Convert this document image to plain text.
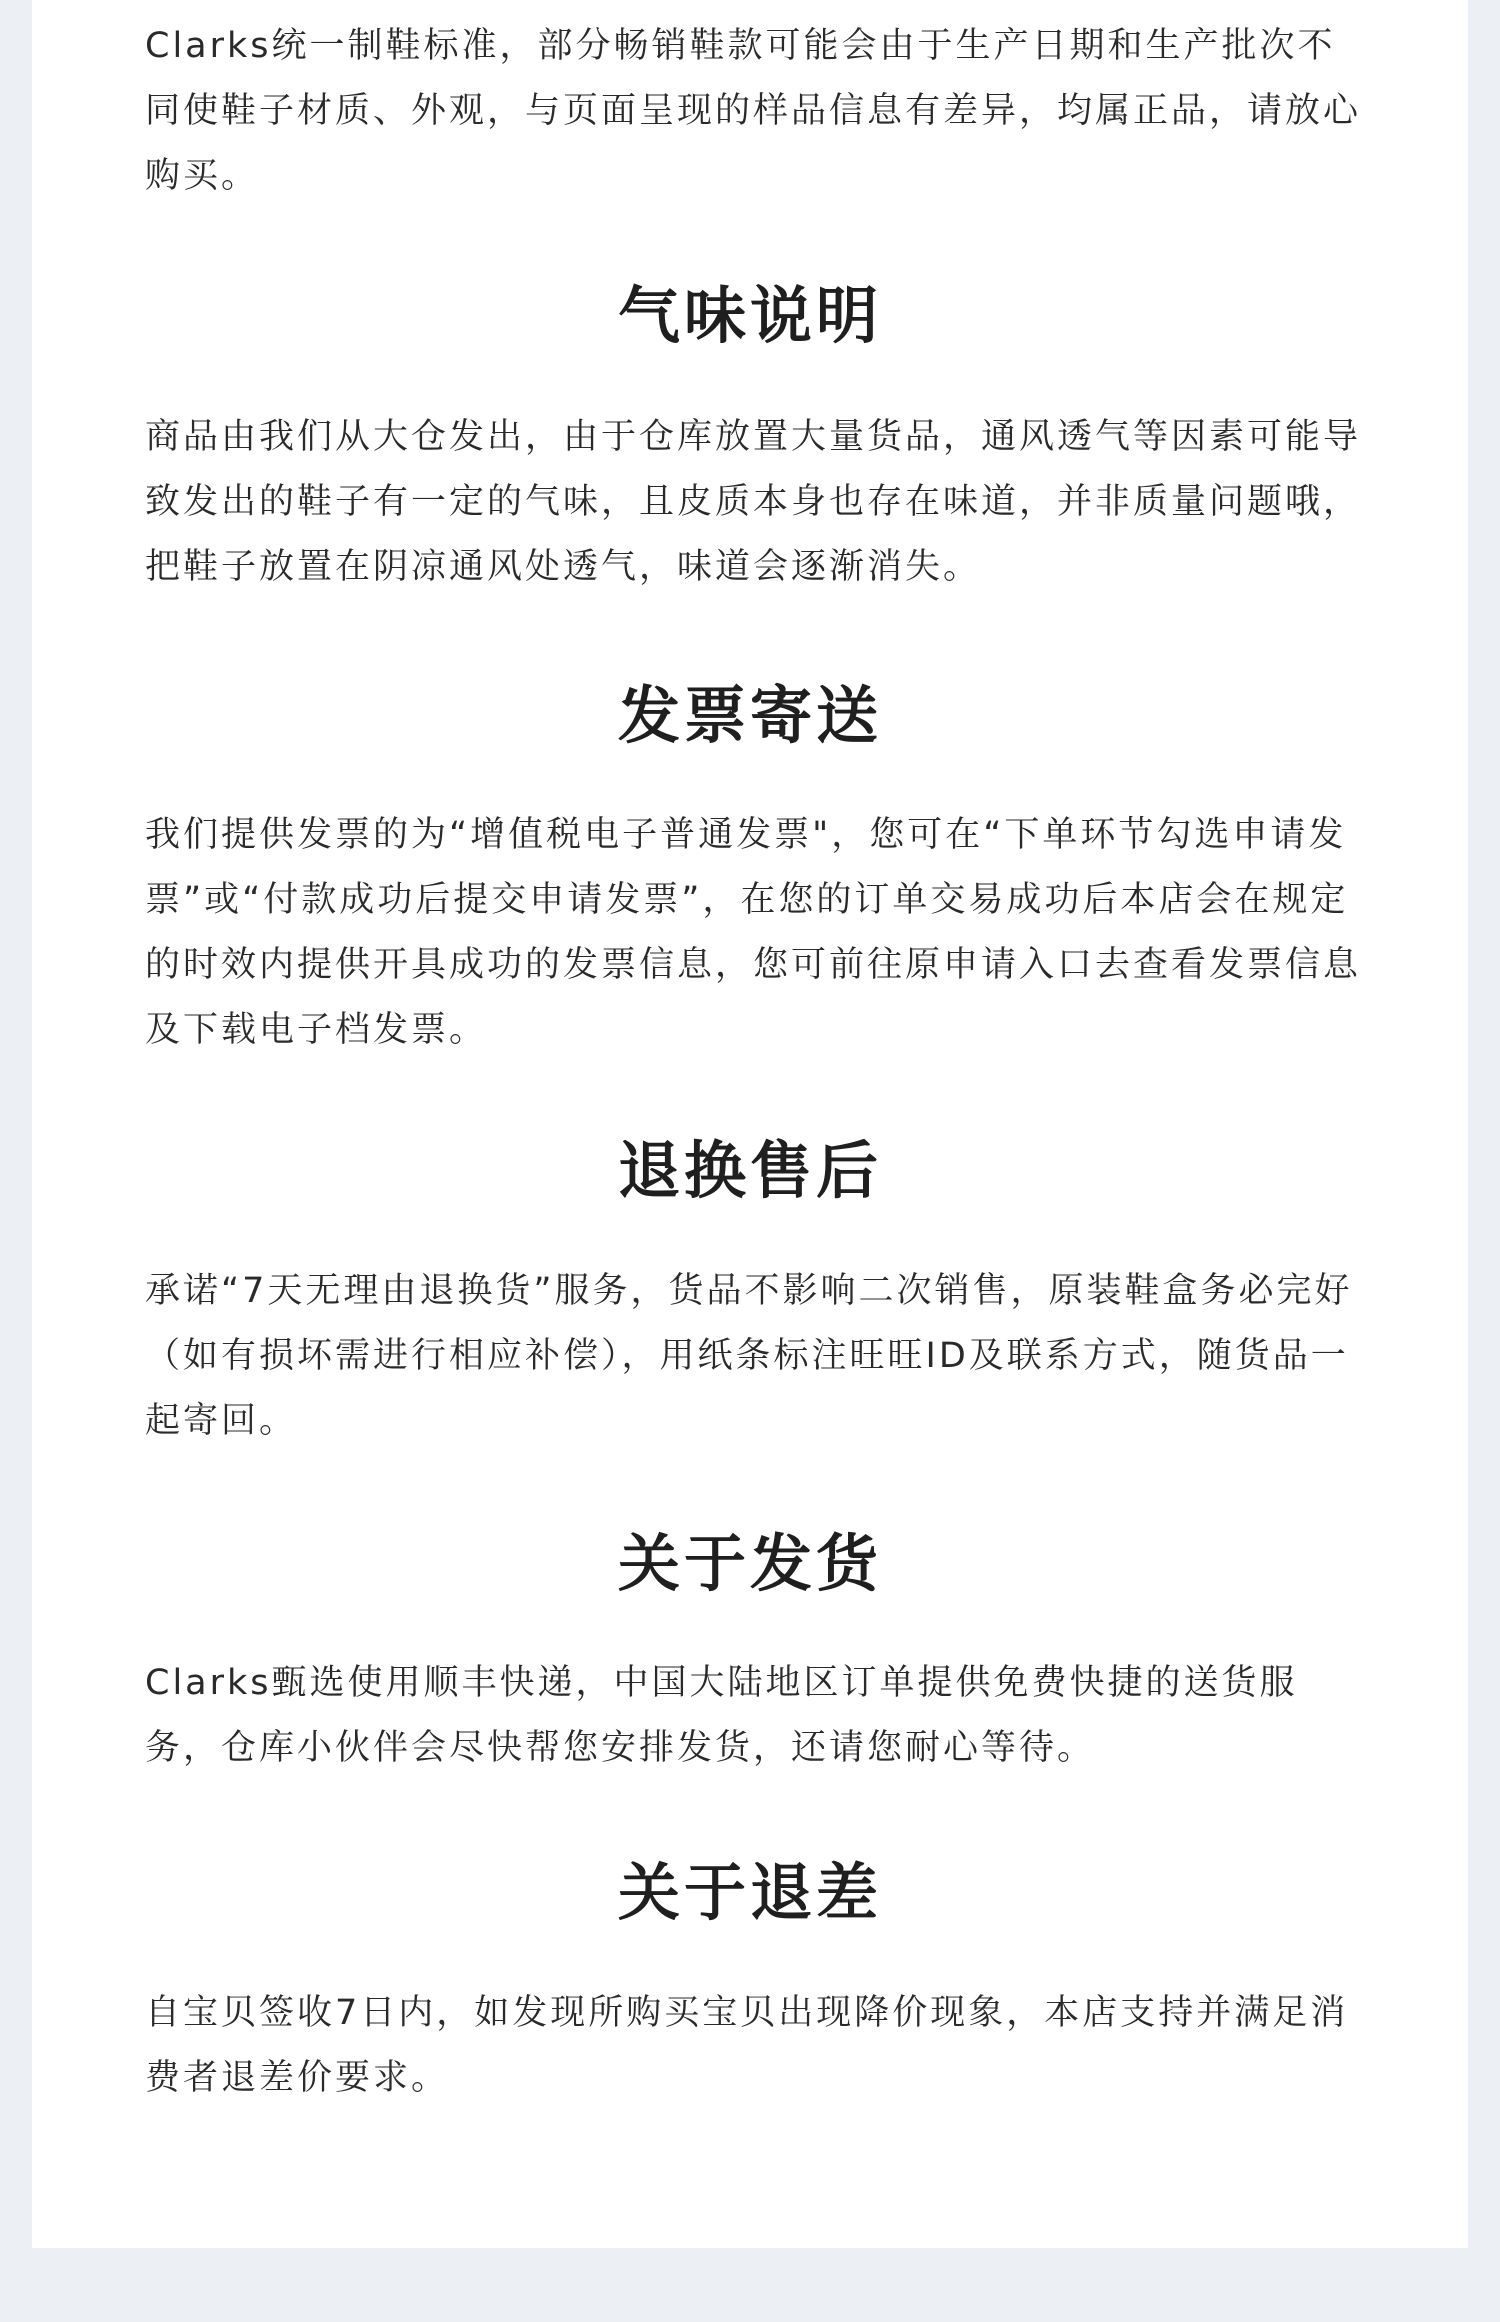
Clarks统一制鞋标准，部分畅销鞋款可能会由于生产日期和生产批次不同使鞋子材质、外观，与页面呈现的样品信息有差异，均属正品，请放心购买。

气味说明

商品由我们从大仓发出，由于仓库放置大量货品，通风透气等因素可能导致发出的鞋子有一定的气味，且皮质本身也存在味道，并非质量问题哦，把鞋子放置在阴凉通风处透气，味道会逐渐消失。

发票寄送

我们提供发票的为“增值税电子普通发票"，您可在“下单环节勾选申请发票”或“付款成功后提交申请发票”，在您的订单交易成功后本店会在规定的时效内提供开具成功的发票信息，您可前往原申请入口去查看发票信息及下载电子档发票。

退换售后

承诺“7天无理由退换货”服务，货品不影响二次销售，原装鞋盒务必完好（如有损坏需进行相应补偿），用纸条标注旺旺ID及联系方式，随货品一起寄回。

关于发货

Clarks甄选使用顺丰快递，中国大陆地区订单提供免费快捷的送货服务，仓库小伙伴会尽快帮您安排发货，还请您耐心等待。

关于退差

自宝贝签收7日内，如发现所购买宝贝出现降价现象，本店支持并满足消费者退差价要求。
